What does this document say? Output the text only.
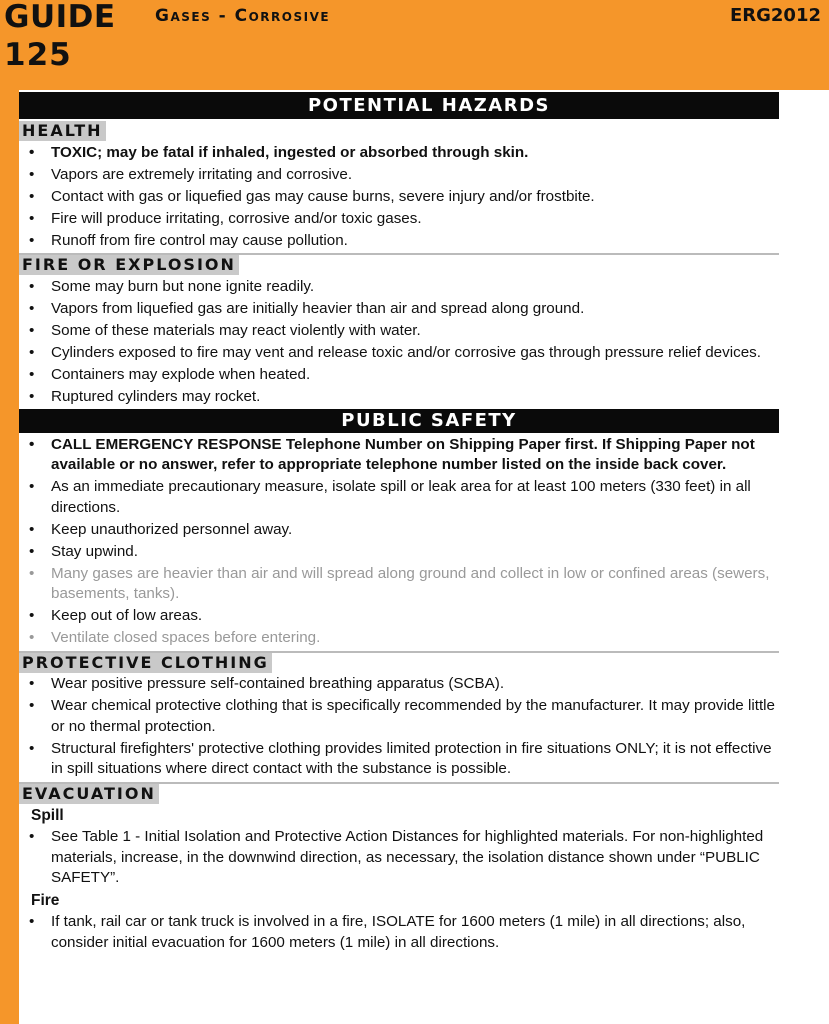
GUIDE
125
Gases - Corrosive	ERG2012
POTENTIAL HAZARDS
HEALTH
• TOXIC; may be fatal if inhaled, ingested or absorbed through skin.
• Vapors are extremely irritating and corrosive.
• Contact with gas or liquefied gas may cause burns, severe injury and/or frostbite.
• Fire will produce irritating, corrosive and/or toxic gases.
• Runoff from fire control may cause pollution.
FIRE OR EXPLOSION
• Some may burn but none ignite readily.
• Vapors from liquefied gas are initially heavier than air and spread along ground.
• Some of these materials may react violently with water.
• Cylinders exposed to fire may vent and release toxic and/or corrosive gas through pressure relief devices.
• Containers may explode when heated.
• Ruptured cylinders may rocket.
PUBLIC SAFETY
• CALL EMERGENCY RESPONSE Telephone Number on Shipping Paper first. If Shipping Paper not available or no answer, refer to appropriate telephone number listed on the inside back cover.
• As an immediate precautionary measure, isolate spill or leak area for at least 100 meters (330 feet) in all directions.
• Keep unauthorized personnel away.
• Stay upwind.
• Many gases are heavier than air and will spread along ground and collect in low or confined areas (sewers, basements, tanks).
• Keep out of low areas.
• Ventilate closed spaces before entering.
PROTECTIVE CLOTHING
• Wear positive pressure self-contained breathing apparatus (SCBA).
• Wear chemical protective clothing that is specifically recommended by the manufacturer. It may provide little or no thermal protection.
• Structural firefighters' protective clothing provides limited protection in fire situations ONLY; it is not effective in spill situations where direct contact with the substance is possible.
EVACUATION
Spill
• See Table 1 - Initial Isolation and Protective Action Distances for highlighted materials. For non-highlighted materials, increase, in the downwind direction, as necessary, the isolation distance shown under “PUBLIC SAFETY”.
Fire
• If tank, rail car or tank truck is involved in a fire, ISOLATE for 1600 meters (1 mile) in all directions; also, consider initial evacuation for 1600 meters (1 mile) in all directions.
